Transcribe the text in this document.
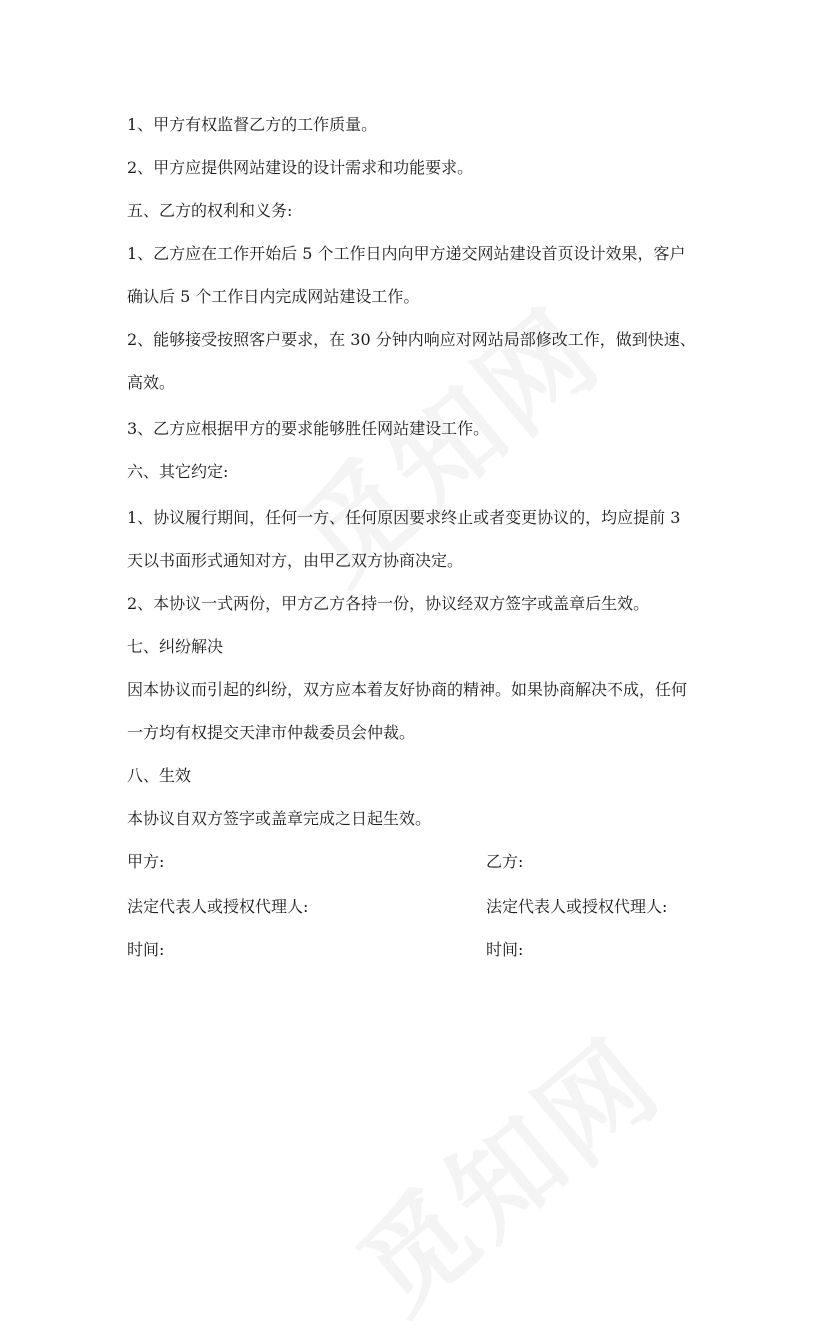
1、甲方有权监督乙方的工作质量。
2、甲方应提供网站建设的设计需求和功能要求。
五、乙方的权利和义务:
1、乙方应在工作开始后 5 个工作日内向甲方递交网站建设首页设计效果，客户
确认后 5 个工作日内完成网站建设工作。
2、能够接受按照客户要求，在 30 分钟内响应对网站局部修改工作，做到快速、
高效。
3、乙方应根据甲方的要求能够胜任网站建设工作。
六、其它约定:
1、协议履行期间，任何一方、任何原因要求终止或者变更协议的，均应提前 3
天以书面形式通知对方，由甲乙双方协商决定。
2、本协议一式两份，甲方乙方各持一份，协议经双方签字或盖章后生效。
七、纠纷解决
因本协议而引起的纠纷，双方应本着友好协商的精神。如果协商解决不成，任何
一方均有权提交天津市仲裁委员会仲裁。
八、生效
本协议自双方签字或盖章完成之日起生效。
甲方:	乙方:
法定代表人或授权代理人:	法定代表人或授权代理人:
时间:	时间:
